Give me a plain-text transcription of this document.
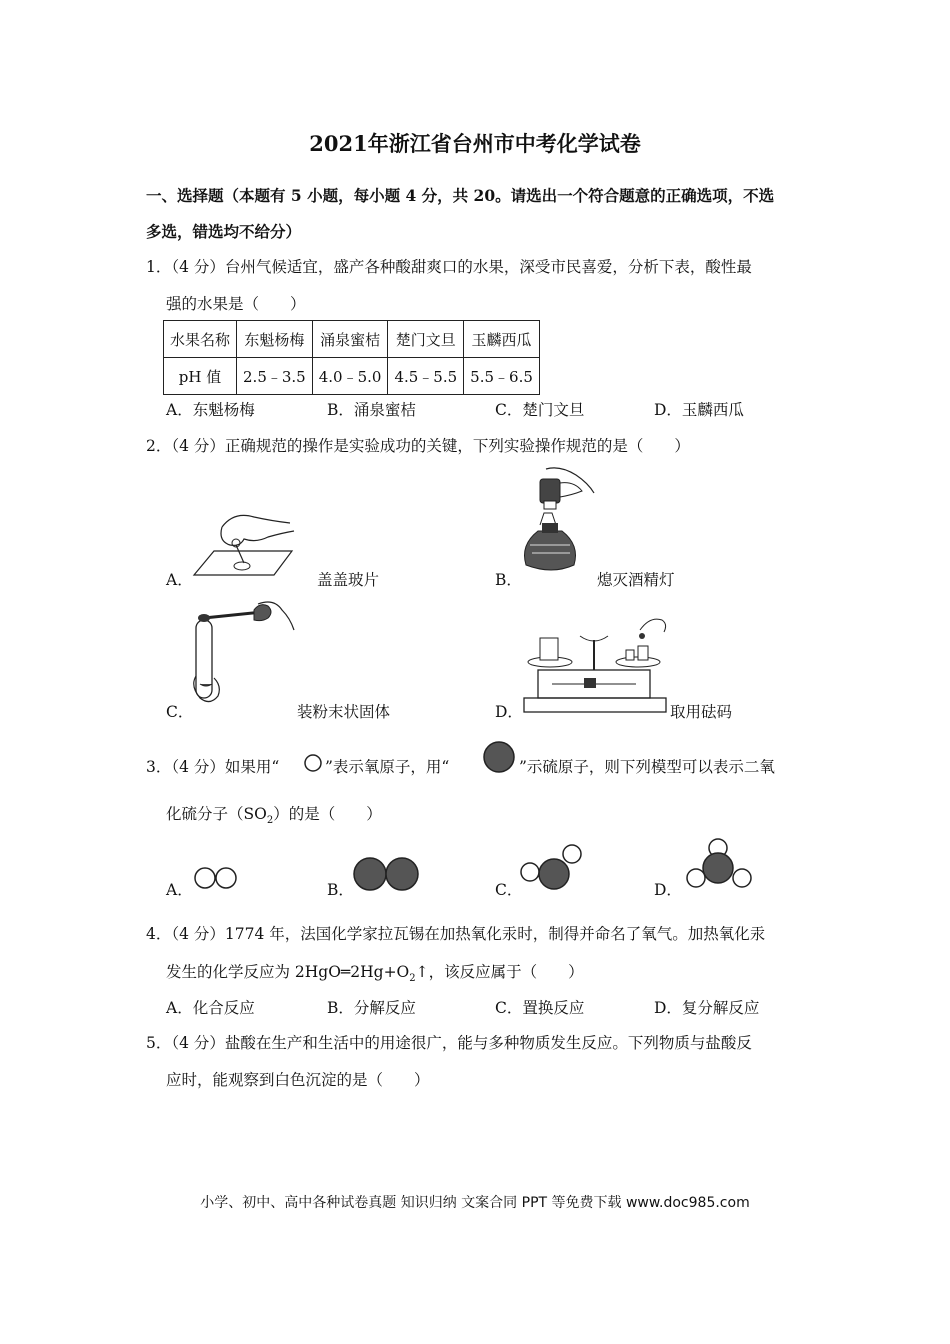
2021年浙江省台州市中考化学试卷
一、选择题（本题有 5 小题，每小题 4 分，共 20。请选出一个符合题意的正确选项，不选
多选，错选均不给分）
1．（4 分）台州气候适宜，盛产各种酸甜爽口的水果，深受市民喜爱，分析下表，酸性最
强的水果是（　　）
水果名称	东魁杨梅	涌泉蜜桔	楚门文旦	玉麟西瓜
pH 值	2.5﹣3.5	4.0﹣5.0	4.5﹣5.5	5.5﹣6.5
A．东魁杨梅	B．涌泉蜜桔	C．楚门文旦	D．玉麟西瓜
2．（4 分）正确规范的操作是实验成功的关键，下列实验操作规范的是（　　）
A．	盖盖玻片	B．	熄灭酒精灯
C．	装粉末状固体	D．	取用砝码
3．（4 分）如果用“	”表示氧原子，用“	”示硫原子，则下列模型可以表示二氧
化硫分子$(SO_2)$的是（　　）
A．	B．	C．	D．
4．（4 分）1774 年，法国化学家拉瓦锡在加热氧化汞时，制得并命名了氧气。加热氧化汞
发生的化学反应为 $2HgO═2Hg+O_2↑$，该反应属于（　　）
A．化合反应	B．分解反应	C．置换反应	D．复分解反应
5．（4 分）盐酸在生产和生活中的用途很广，能与多种物质发生反应。下列物质与盐酸反
应时，能观察到白色沉淀的是（　　）
小学、初中、高中各种试卷真题 知识归纳 文案合同 PPT 等免费下载 www.doc985.com
